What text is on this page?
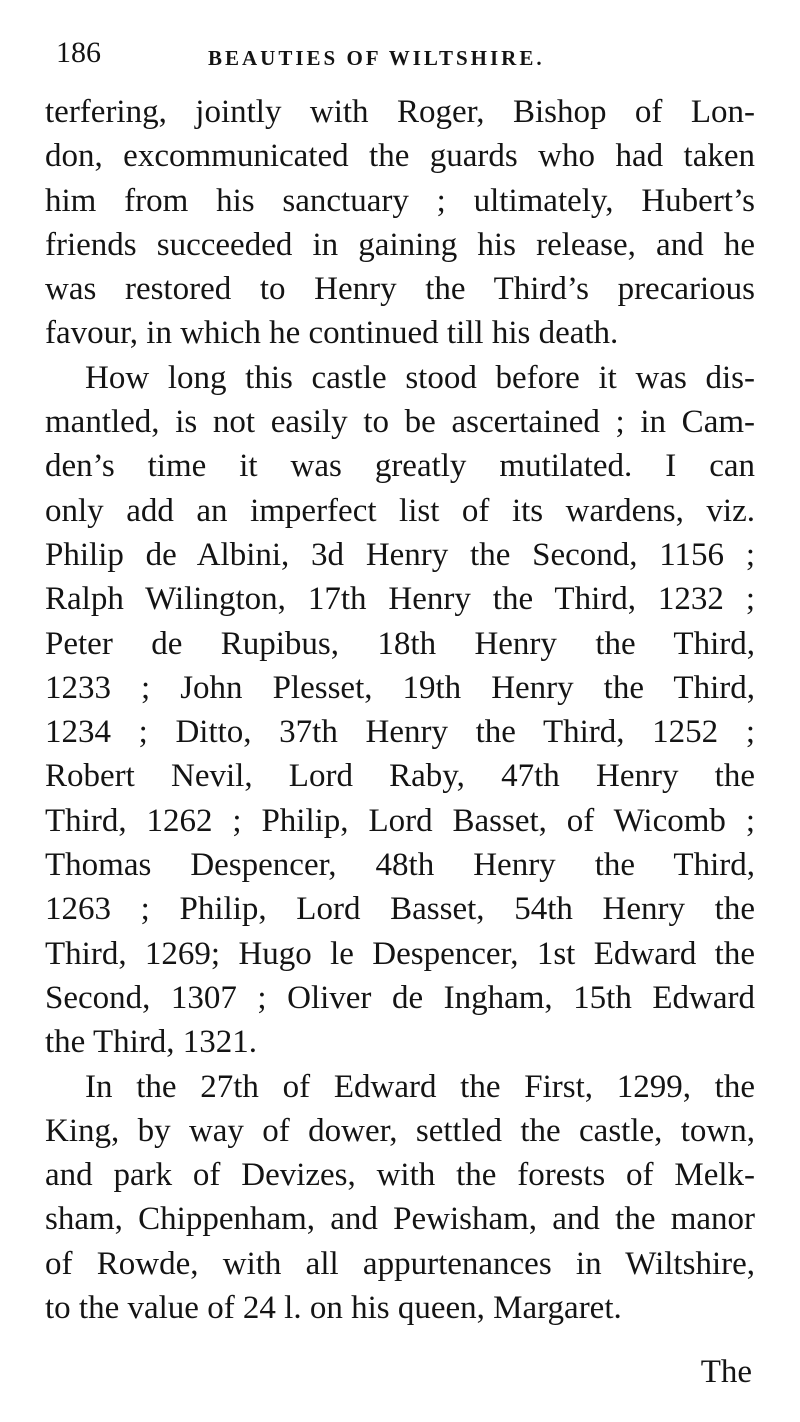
186	BEAUTIES OF WILTSHIRE.

terfering, jointly with Roger, Bishop of Lon-
don, excommunicated the guards who had taken
him from his sanctuary ; ultimately, Hubert’s
friends succeeded in gaining his release, and he
was restored to Henry the Third’s precarious
favour, in which he continued till his death.

How long this castle stood before it was dis-
mantled, is not easily to be ascertained ; in Cam-
den’s time it was greatly mutilated. I can
only add an imperfect list of its wardens, viz.
Philip de Albini, 3d Henry the Second, 1156 ;
Ralph Wilington, 17th Henry the Third, 1232 ;
Peter de Rupibus, 18th Henry the Third,
1233 ; John Plesset, 19th Henry the Third,
1234 ; Ditto, 37th Henry the Third, 1252 ;
Robert Nevil, Lord Raby, 47th Henry the
Third, 1262 ; Philip, Lord Basset, of Wicomb ;
Thomas Despencer, 48th Henry the Third,
1263 ; Philip, Lord Basset, 54th Henry the
Third, 1269; Hugo le Despencer, 1st Edward the
Second, 1307 ; Oliver de Ingham, 15th Edward
the Third, 1321.

In the 27th of Edward the First, 1299, the
King, by way of dower, settled the castle, town,
and park of Devizes, with the forests of Melk-
sham, Chippenham, and Pewisham, and the manor
of Rowde, with all appurtenances in Wiltshire,
to the value of 24 l. on his queen, Margaret.

The
